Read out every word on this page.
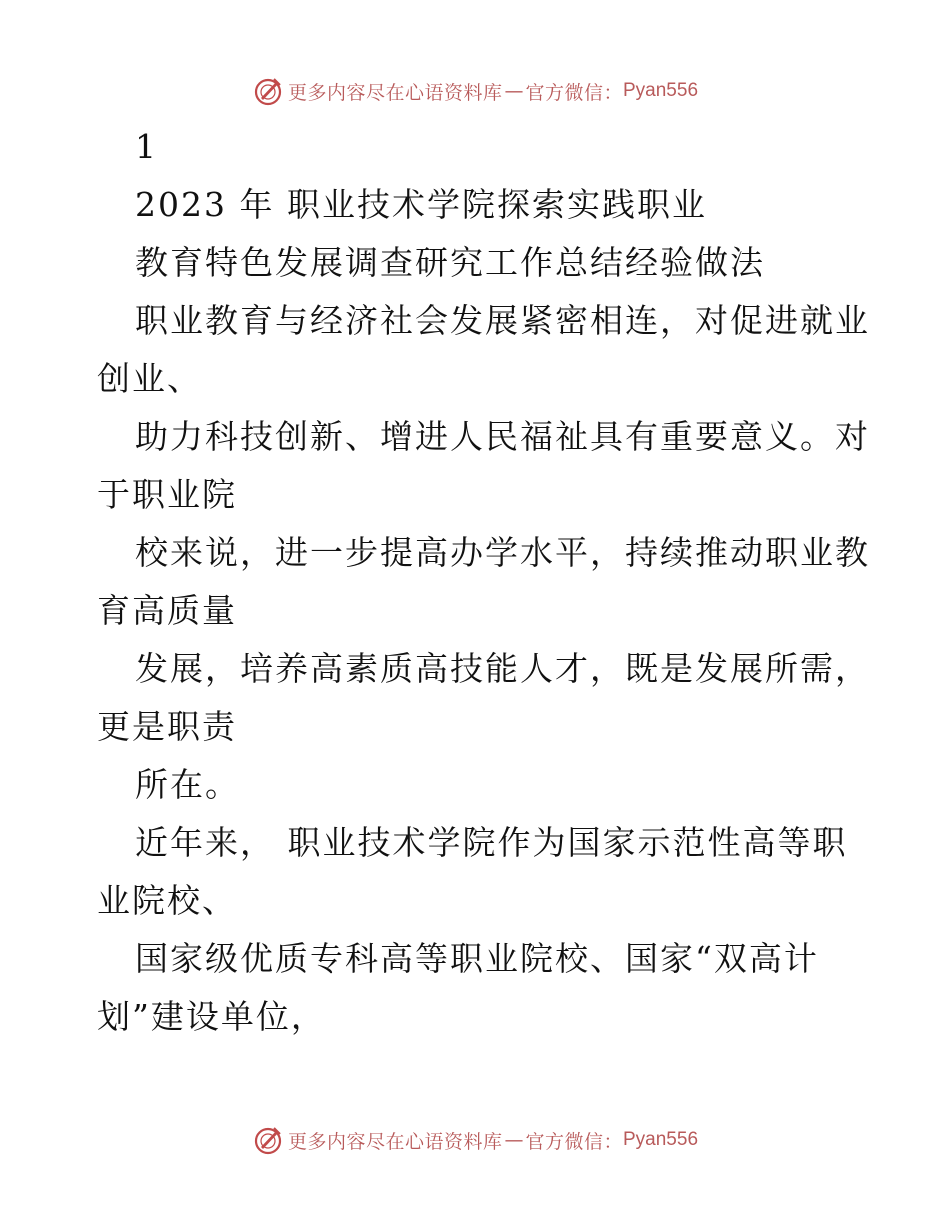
更多内容尽在心语资料库 — 官方微信： Pyan556
1
2023 年 职业技术学院探索实践职业
教育特色发展调查研究工作总结经验做法
职业教育与经济社会发展紧密相连，对促进就业
创业、
助力科技创新、增进人民福祉具有重要意义。对
于职业院
校来说，进一步提高办学水平，持续推动职业教
育高质量
发展，培养高素质高技能人才，既是发展所需，
更是职责
所在。
近年来， 职业技术学院作为国家示范性高等职
业院校、
国家级优质专科高等职业院校、国家“双高计
划”建设单位，
更多内容尽在心语资料库 — 官方微信： Pyan556
